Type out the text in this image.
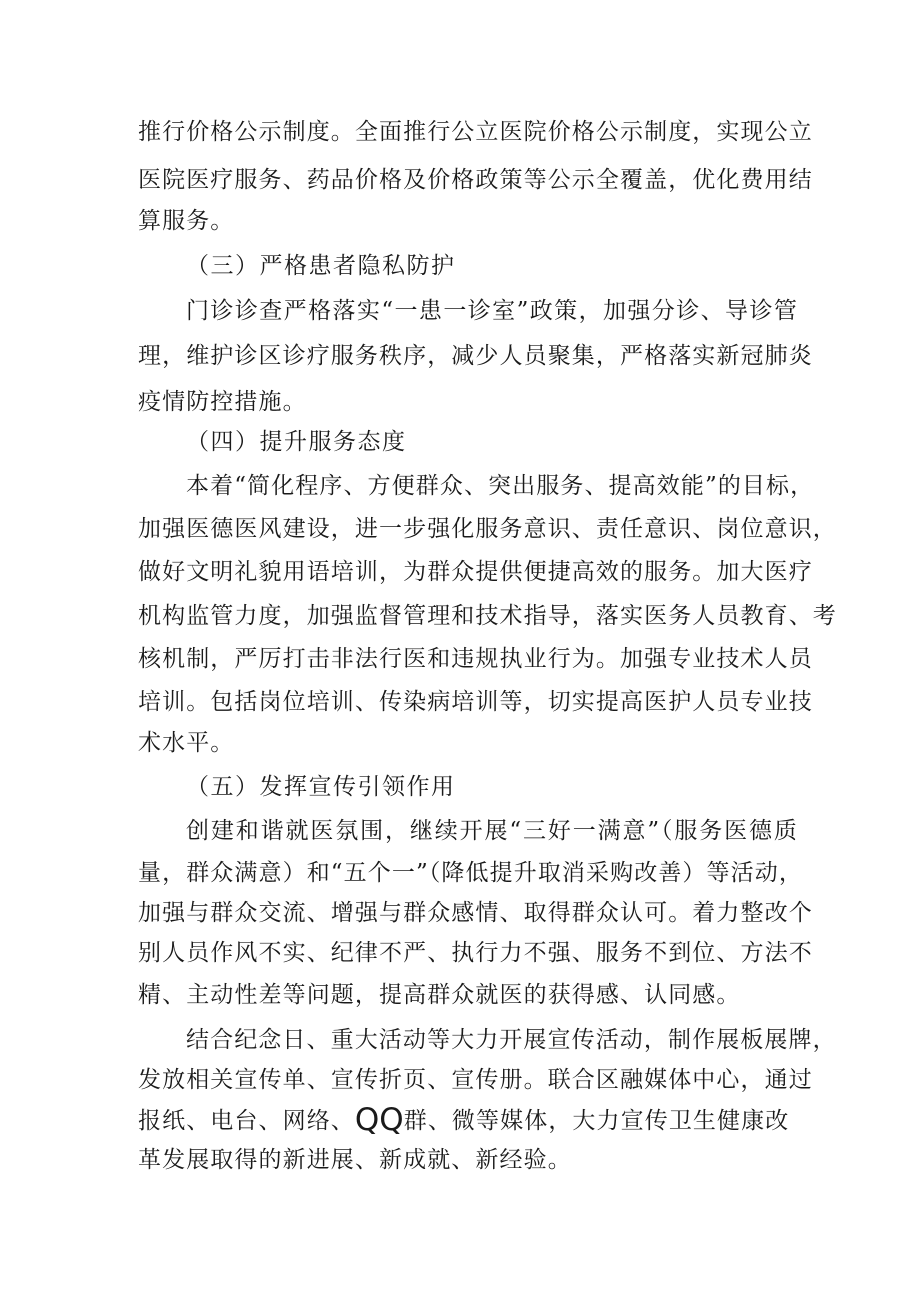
推行价格公示制度。全面推行公立医院价格公示制度，实现公立
医院医疗服务、药品价格及价格政策等公示全覆盖，优化费用结
算服务。
（三）严格患者隐私防护
门诊诊查严格落实“一患一诊室”政策，加强分诊、导诊管
理，维护诊区诊疗服务秩序，减少人员聚集，严格落实新冠肺炎
疫情防控措施。
（四）提升服务态度
本着“简化程序、方便群众、突出服务、提高效能”的目标，
加强医德医风建设，进一步强化服务意识、责任意识、岗位意识，
做好文明礼貌用语培训，为群众提供便捷高效的服务。加大医疗
机构监管力度，加强监督管理和技术指导，落实医务人员教育、考
核机制，严厉打击非法行医和违规执业行为。加强专业技术人员
培训。包括岗位培训、传染病培训等，切实提高医护人员专业技
术水平。
（五）发挥宣传引领作用
创建和谐就医氛围，继续开展“三好一满意”（服务医德质
量，群众满意）和“五个一”（降低提升取消采购改善）等活动，
加强与群众交流、增强与群众感情、取得群众认可。着力整改个
别人员作风不实、纪律不严、执行力不强、服务不到位、方法不
精、主动性差等问题，提高群众就医的获得感、认同感。
结合纪念日、重大活动等大力开展宣传活动，制作展板展牌，
发放相关宣传单、宣传折页、宣传册。联合区融媒体中心，通过
报纸、电台、网络、QQ群、微等媒体，大力宣传卫生健康改
革发展取得的新进展、新成就、新经验。
